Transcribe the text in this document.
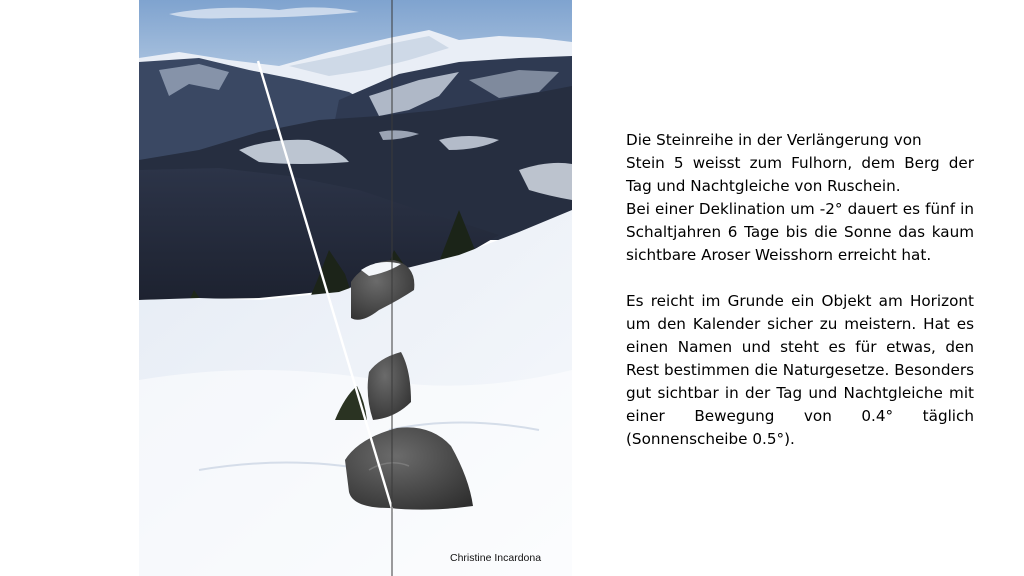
Christine Incardona

Die Steinreihe in der Verlängerung von

Stein 5 weisst zum Fulhorn, dem Berg der Tag und Nachtgleiche von Ruschein.

Bei einer Deklination um -2° dauert es fünf in Schaltjahren 6 Tage bis die Sonne das kaum sichtbare Aroser Weisshorn erreicht hat.

Es reicht im Grunde ein Objekt am Horizont um den Kalender sicher zu meistern. Hat es einen Namen und steht es für etwas, den Rest bestimmen die Naturgesetze. Besonders gut sichtbar in der Tag und Nachtgleiche mit einer Bewegung von 0.4° täglich (Sonnenscheibe 0.5°).
